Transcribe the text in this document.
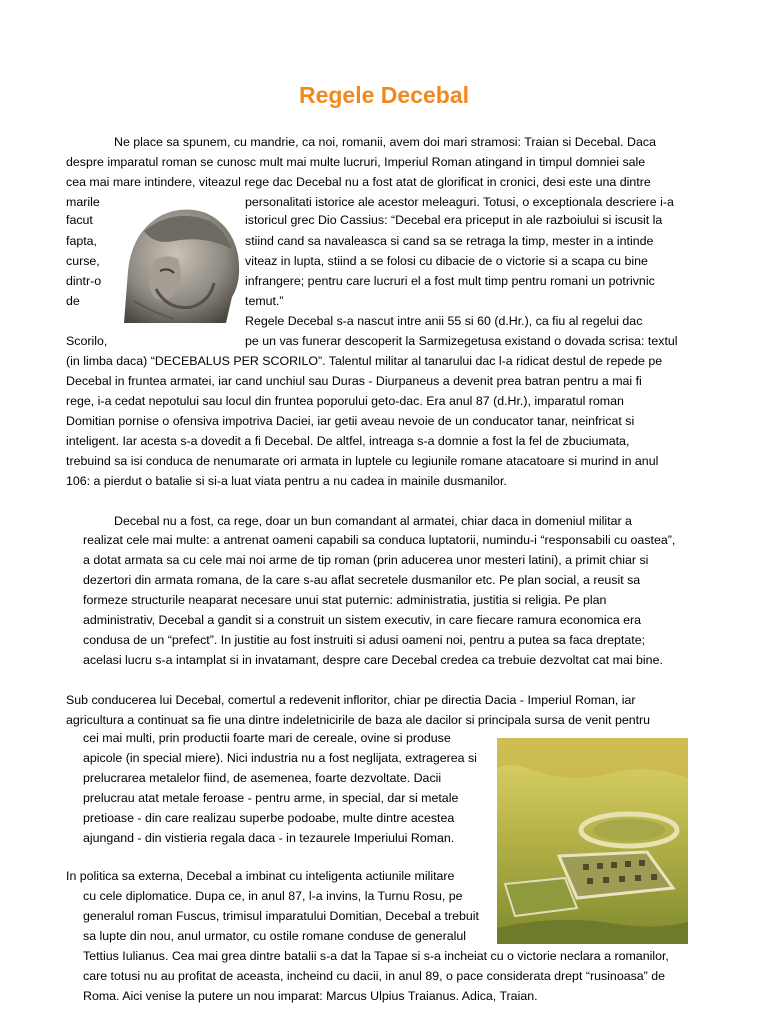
Regele Decebal
Ne place sa spunem, cu mandrie, ca noi, romanii, avem doi mari stramosi: Traian si Decebal. Daca
despre imparatul roman se cunosc mult mai multe lucruri, Imperiul Roman atingand in timpul domniei sale
cea mai mare intindere, viteazul rege dac Decebal nu a fost atat de glorificat in cronici, desi este una dintre
marile
facut
fapta,
curse,
dintr-o
de
personalitati istorice ale acestor meleaguri. Totusi, o exceptionala descriere i-a
istoricul grec Dio Cassius: “Decebal era priceput in ale razboiului si iscusit la
stiind cand sa navaleasca si cand sa se retraga la timp, mester in a intinde
viteaz in lupta, stiind a se folosi cu dibacie de o victorie si a scapa cu bine
infrangere; pentru care lucruri el a fost mult timp pentru romani un potrivnic
temut.”
Regele Decebal s-a nascut intre anii 55 si 60 (d.Hr.), ca fiu al regelui dac
Scorilo,	pe un vas funerar descoperit la Sarmizegetusa existand o dovada scrisa: textul
(in limba daca) “DECEBALUS PER SCORILO”. Talentul militar al tanarului dac l-a ridicat destul de repede pe
Decebal in fruntea armatei, iar cand unchiul sau Duras - Diurpaneus a devenit prea batran pentru a mai fi
rege, i-a cedat nepotului sau locul din fruntea poporului geto-dac. Era anul 87 (d.Hr.), imparatul roman
Domitian pornise o ofensiva impotriva Daciei, iar getii aveau nevoie de un conducator tanar, neinfricat si
inteligent. Iar acesta s-a dovedit a fi Decebal. De altfel, intreaga s-a domnie a fost la fel de zbuciumata,
trebuind sa isi conduca de nenumarate ori armata in luptele cu legiunile romane atacatoare si murind in anul
106: a pierdut o batalie si si-a luat viata pentru a nu cadea in mainile dusmanilor.
Decebal nu a fost, ca rege, doar un bun comandant al armatei, chiar daca in domeniul militar a
realizat cele mai multe: a antrenat oameni capabili sa conduca luptatorii, numindu-i “responsabili cu oastea”,
a dotat armata sa cu cele mai noi arme de tip roman (prin aducerea unor mesteri latini), a primit chiar si
dezertori din armata romana, de la care s-au aflat secretele dusmanilor etc. Pe plan social, a reusit sa
formeze structurile neaparat necesare unui stat puternic: administratia, justitia si religia. Pe plan
administrativ, Decebal a gandit si a construit un sistem executiv, in care fiecare ramura economica era
condusa de un “prefect”. In justitie au fost instruiti si adusi oameni noi, pentru a putea sa faca dreptate;
acelasi lucru s-a intamplat si in invatamant, despre care Decebal credea ca trebuie dezvoltat cat mai bine.
Sub conducerea lui Decebal, comertul a redevenit infloritor, chiar pe directia Dacia - Imperiul Roman, iar
agricultura a continuat sa fie una dintre indeletnicirile de baza ale dacilor si principala sursa de venit pentru
cei mai multi, prin productii foarte mari de cereale, ovine si produse
apicole (in special miere). Nici industria nu a fost neglijata, extragerea si
prelucrarea metalelor fiind, de asemenea, foarte dezvoltate. Dacii
prelucrau atat metale feroase - pentru arme, in special, dar si metale
pretioase - din care realizau superbe podoabe, multe dintre acestea
ajungand - din vistieria regala daca - in tezaurele Imperiului Roman.
In politica sa externa, Decebal a imbinat cu inteligenta actiunile militare
cu cele diplomatice. Dupa ce, in anul 87, l-a invins, la Turnu Rosu, pe
generalul roman Fuscus, trimisul imparatului Domitian, Decebal a trebuit
sa lupte din nou, anul urmator, cu ostile romane conduse de generalul
Tettius Iulianus. Cea mai grea dintre batalii s-a dat la Tapae si s-a incheiat cu o victorie neclara a romanilor,
care totusi nu au profitat de aceasta, incheind cu dacii, in anul 89, o pace considerata drept “rusinoasa” de
Roma. Aici venise la putere un nou imparat: Marcus Ulpius Traianus. Adica, Traian.
